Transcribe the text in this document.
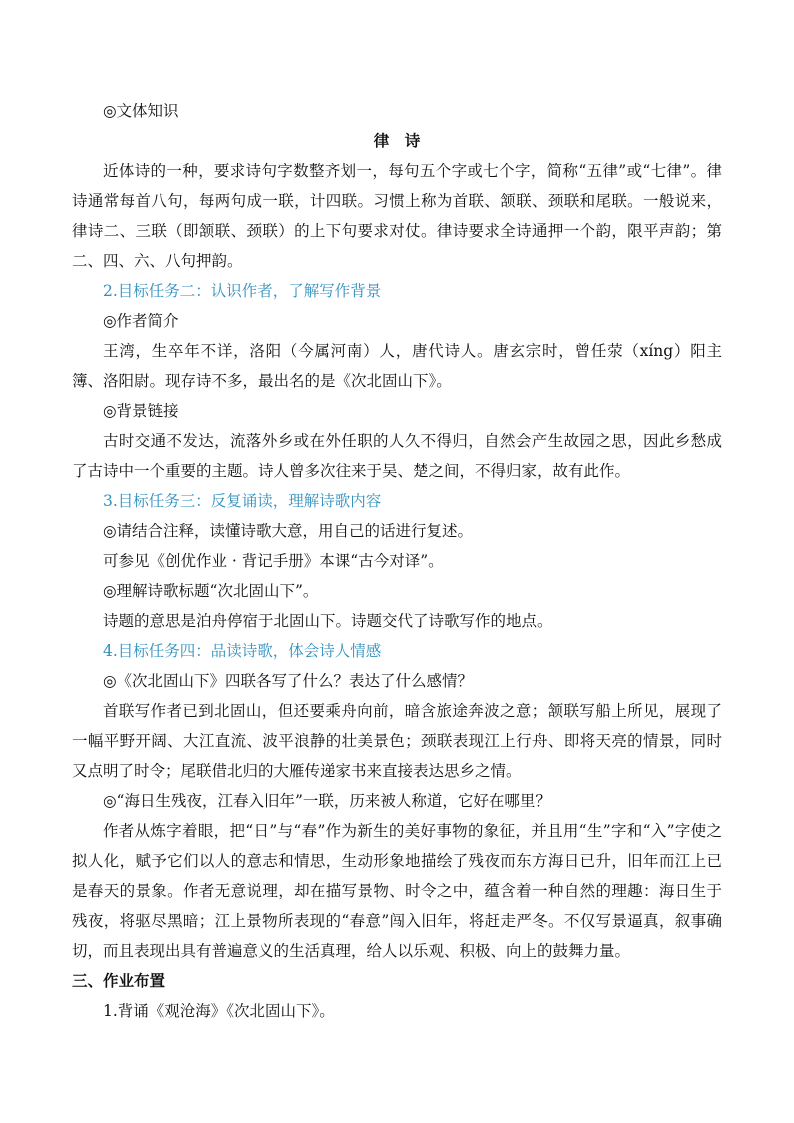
◎文体知识
律　诗
近体诗的一种，要求诗句字数整齐划一，每句五个字或七个字，简称“五律”或“七律”。律诗通常每首八句，每两句成一联，计四联。习惯上称为首联、颔联、颈联和尾联。一般说来，律诗二、三联（即颔联、颈联）的上下句要求对仗。律诗要求全诗通押一个韵，限平声韵；第二、四、六、八句押韵。
2.目标任务二：认识作者，了解写作背景
◎作者简介
王湾，生卒年不详，洛阳（今属河南）人，唐代诗人。唐玄宗时，曾任荥（xíng）阳主簿、洛阳尉。现存诗不多，最出名的是《次北固山下》。
◎背景链接
古时交通不发达，流落外乡或在外任职的人久不得归，自然会产生故园之思，因此乡愁成了古诗中一个重要的主题。诗人曾多次往来于吴、楚之间，不得归家，故有此作。
3.目标任务三：反复诵读，理解诗歌内容
◎请结合注释，读懂诗歌大意，用自己的话进行复述。
可参见《创优作业 · 背记手册》本课“古今对译”。
◎理解诗歌标题“次北固山下”。
诗题的意思是泊舟停宿于北固山下。诗题交代了诗歌写作的地点。
4.目标任务四：品读诗歌，体会诗人情感
◎《次北固山下》四联各写了什么？表达了什么感情？
首联写作者已到北固山，但还要乘舟向前，暗含旅途奔波之意；颔联写船上所见，展现了一幅平野开阔、大江直流、波平浪静的壮美景色；颈联表现江上行舟、即将天亮的情景，同时又点明了时令；尾联借北归的大雁传递家书来直接表达思乡之情。
◎“海日生残夜，江春入旧年”一联，历来被人称道，它好在哪里？
作者从炼字着眼，把“日”与“春”作为新生的美好事物的象征，并且用“生”字和“入”字使之拟人化，赋予它们以人的意志和情思，生动形象地描绘了残夜而东方海日已升，旧年而江上已是春天的景象。作者无意说理，却在描写景物、时令之中，蕴含着一种自然的理趣：海日生于残夜，将驱尽黑暗；江上景物所表现的“春意”闯入旧年，将赶走严冬。不仅写景逼真，叙事确切，而且表现出具有普遍意义的生活真理，给人以乐观、积极、向上的鼓舞力量。
三、作业布置
1.背诵《观沧海》《次北固山下》。
